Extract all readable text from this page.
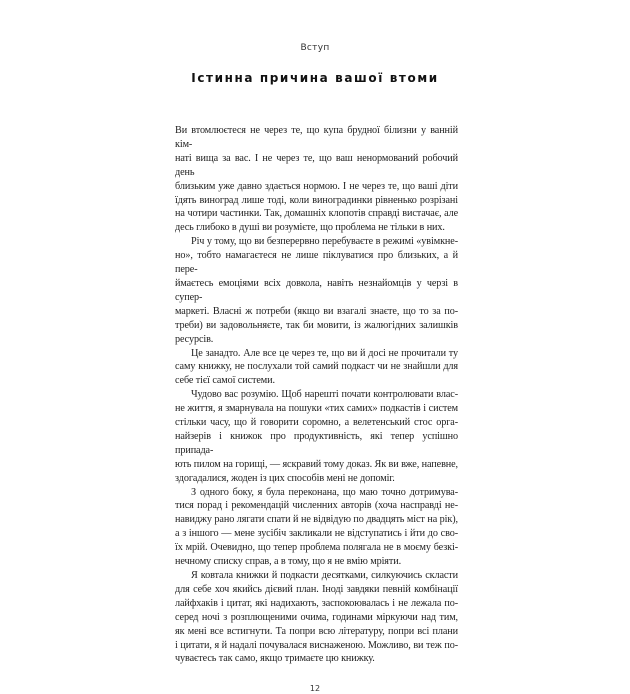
Вступ
Істинна причина вашої втоми
Ви втомлюєтеся не через те, що купа брудної білизни у ванній кім-
наті вища за вас. І не через те, що ваш ненормований робочий день
близьким уже давно здається нормою. І не через те, що ваші діти
їдять виноград лише тоді, коли виноградинки рівненько розрізані
на чотири частинки. Так, домашніх клопотів справді вистачає, але
десь глибоко в душі ви розумієте, що проблема не тільки в них.
Річ у тому, що ви безперервно перебуваєте в режимі «увімкне-
но», тобто намагаєтеся не лише піклуватися про близьких, а й пере-
ймаєтесь емоціями всіх довкола, навіть незнайомців у черзі в супер-
маркеті. Власні ж потреби (якщо ви взагалі знаєте, що то за по-
треби) ви задовольняєте, так би мовити, із жалюгідних залишків
ресурсів.
Це занадто. Але все це через те, що ви й досі не прочитали ту
саму книжку, не послухали той самий подкаст чи не знайшли для
себе тієї самої системи.
Чудово вас розумію. Щоб нарешті почати контролювати влас-
не життя, я змарнувала на пошуки «тих самих» подкастів і систем
стільки часу, що й говорити соромно, а велетенський стос орга-
найзерів і книжок про продуктивність, які тепер успішно припада-
ють пилом на горищі, — яскравий тому доказ. Як ви вже, напевне,
здогадалися, жоден із цих способів мені не допоміг.
З одного боку, я була переконана, що маю точно дотримува-
тися порад і рекомендацій численних авторів (хоча насправді не-
навиджу рано лягати спати й не відвідую по двадцять міст на рік),
а з іншого — мене зусібіч закликали не відступатись і йти до сво-
їх мрій. Очевидно, що тепер проблема полягала не в моєму безкі-
нечному списку справ, а в тому, що я не вмію мріяти.
Я ковтала книжки й подкасти десятками, силкуючись скласти
для себе хоч якийсь дієвий план. Іноді завдяки певній комбінації
лайфхаків і цитат, які надихають, заспокоювалась і не лежала по-
серед ночі з розплющеними очима, годинами міркуючи над тим,
як мені все встигнути. Та попри всю літературу, попри всі плани
і цитати, я й надалі почувалася виснаженою. Можливо, ви теж по-
чуваєтесь так само, якщо тримаєте цю книжку.
12
